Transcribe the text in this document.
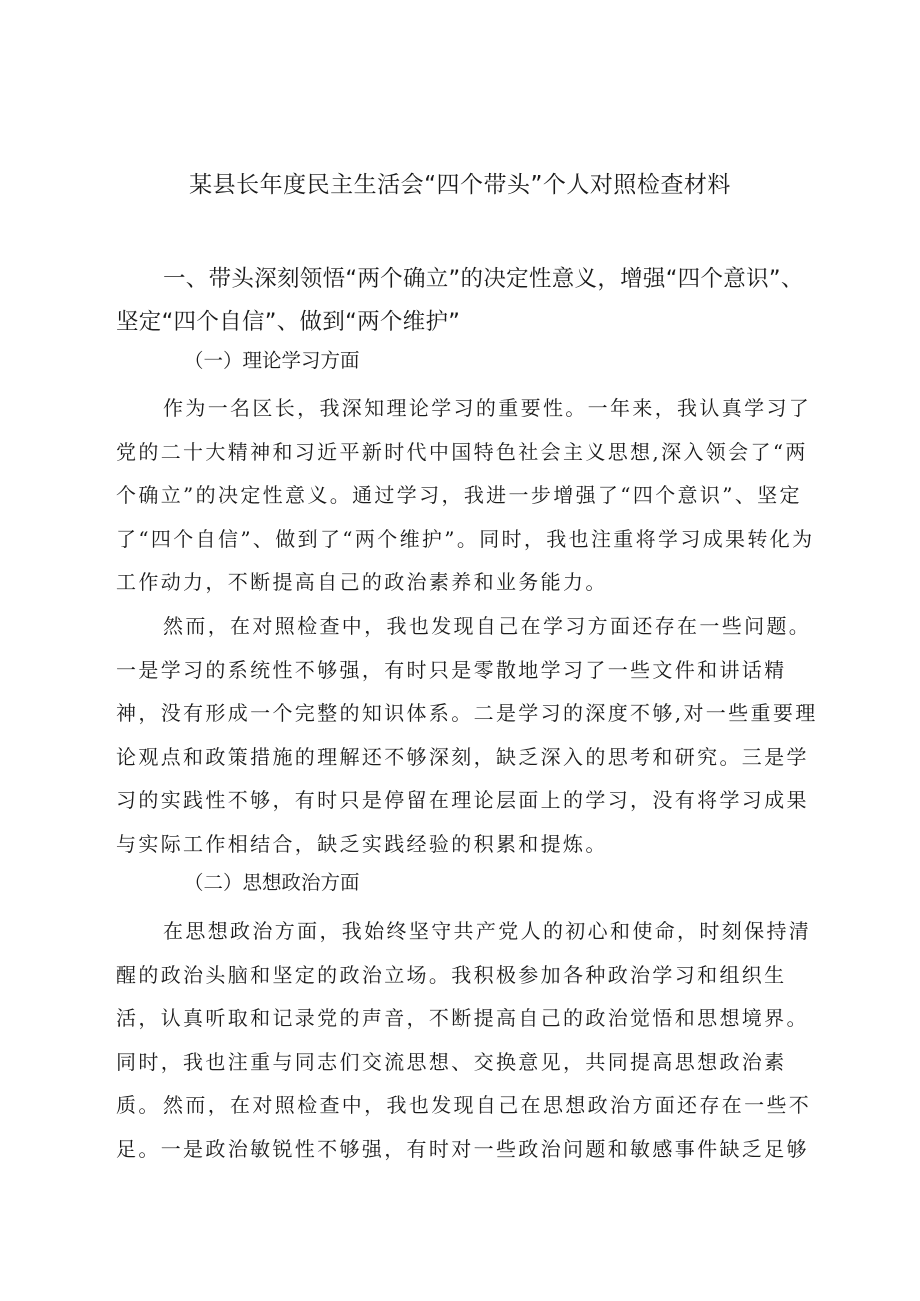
某县长年度民主生活会“四个带头”个人对照检查材料
一、带头深刻领悟“两个确立”的决定性意义，增强“四个意识”、坚定“四个自信”、做到“两个维护”
（一）理论学习方面

作为一名区长，我深知理论学习的重要性。一年来，我认真学习了党的二十大精神和习近平新时代中国特色社会主义思想,深入领会了“两个确立”的决定性意义。通过学习，我进一步增强了“四个意识”、坚定了“四个自信”、做到了“两个维护”。同时，我也注重将学习成果转化为工作动力，不断提高自己的政治素养和业务能力。

然而，在对照检查中，我也发现自己在学习方面还存在一些问题。一是学习的系统性不够强，有时只是零散地学习了一些文件和讲话精神，没有形成一个完整的知识体系。二是学习的深度不够,对一些重要理论观点和政策措施的理解还不够深刻，缺乏深入的思考和研究。三是学习的实践性不够，有时只是停留在理论层面上的学习，没有将学习成果与实际工作相结合，缺乏实践经验的积累和提炼。

（二）思想政治方面

在思想政治方面，我始终坚守共产党人的初心和使命，时刻保持清醒的政治头脑和坚定的政治立场。我积极参加各种政治学习和组织生活，认真听取和记录党的声音，不断提高自己的政治觉悟和思想境界。同时，我也注重与同志们交流思想、交换意见，共同提高思想政治素质。 然而，在对照检查中，我也发现自己在思想政治方面还存在一些不足。一是政治敏锐性不够强，有时对一些政治问题和敏感事件缺乏足够
